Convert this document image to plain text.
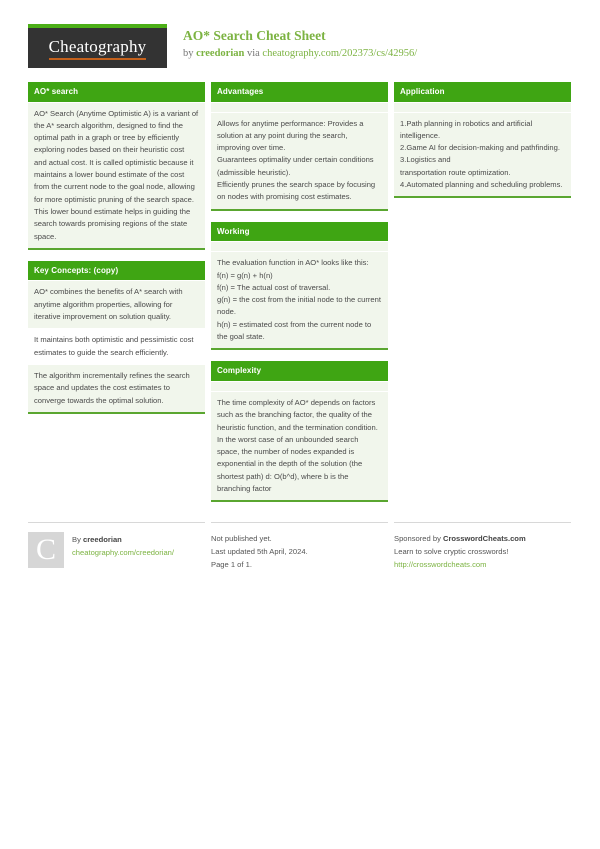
Cheatography
AO* Search Cheat Sheet
by creedorian via cheatography.com/202373/cs/42956/
AO* search

AO* Search (Anytime Optimistic A) is a variant of the A* search algorithm, designed to find the optimal path in a graph or tree by efficiently exploring nodes based on their heuristic cost and actual cost. It is called optimistic because it maintains a lower bound estimate of the cost from the current node to the goal node, allowing for more optimistic pruning of the search space. This lower bound estimate helps in guiding the search towards promising regions of the state space.

Key Concepts: (copy)

AO* combines the benefits of A* search with anytime algorithm properties, allowing for iterative improvement on solution quality.

It maintains both optimistic and pessimistic cost estimates to guide the search efficiently.

The algorithm incrementally refines the search space and updates the cost estimates to converge towards the optimal solution.

Advantages

Allows for anytime performance: Provides a solution at any point during the search, improving over time.

Guarantees optimality under certain conditions (admissible heuristic).

Efficiently prunes the search space by focusing on nodes with promising cost estimates.

Working

The evaluation function in AO* looks like this:

f(n) = g(n) + h(n)

f(n) = The actual cost of traversal.

g(n) = the cost from the initial node to the current node.

h(n) = estimated cost from the current node to the goal state.

Complexity

The time complexity of AO* depends on factors such as the branching factor, the quality of the heuristic function, and the termination condition.

In the worst case of an unbounded search space, the number of nodes expanded is exponential in the depth of the solution (the shortest path) d: O(b^d), where b is the branching factor

Application

1.Path planning in robotics and artificial intelligence.

2.Game AI for decision-making and pathfinding.

3.Logistics and

transportation route optimization.

4.Automated planning and scheduling problems.

C	By creedorian
cheatography.com/creedorian/
Not published yet.
Last updated 5th April, 2024.
Page 1 of 1.
Sponsored by CrosswordCheats.com
Learn to solve cryptic crosswords!
http://crosswordcheats.com
